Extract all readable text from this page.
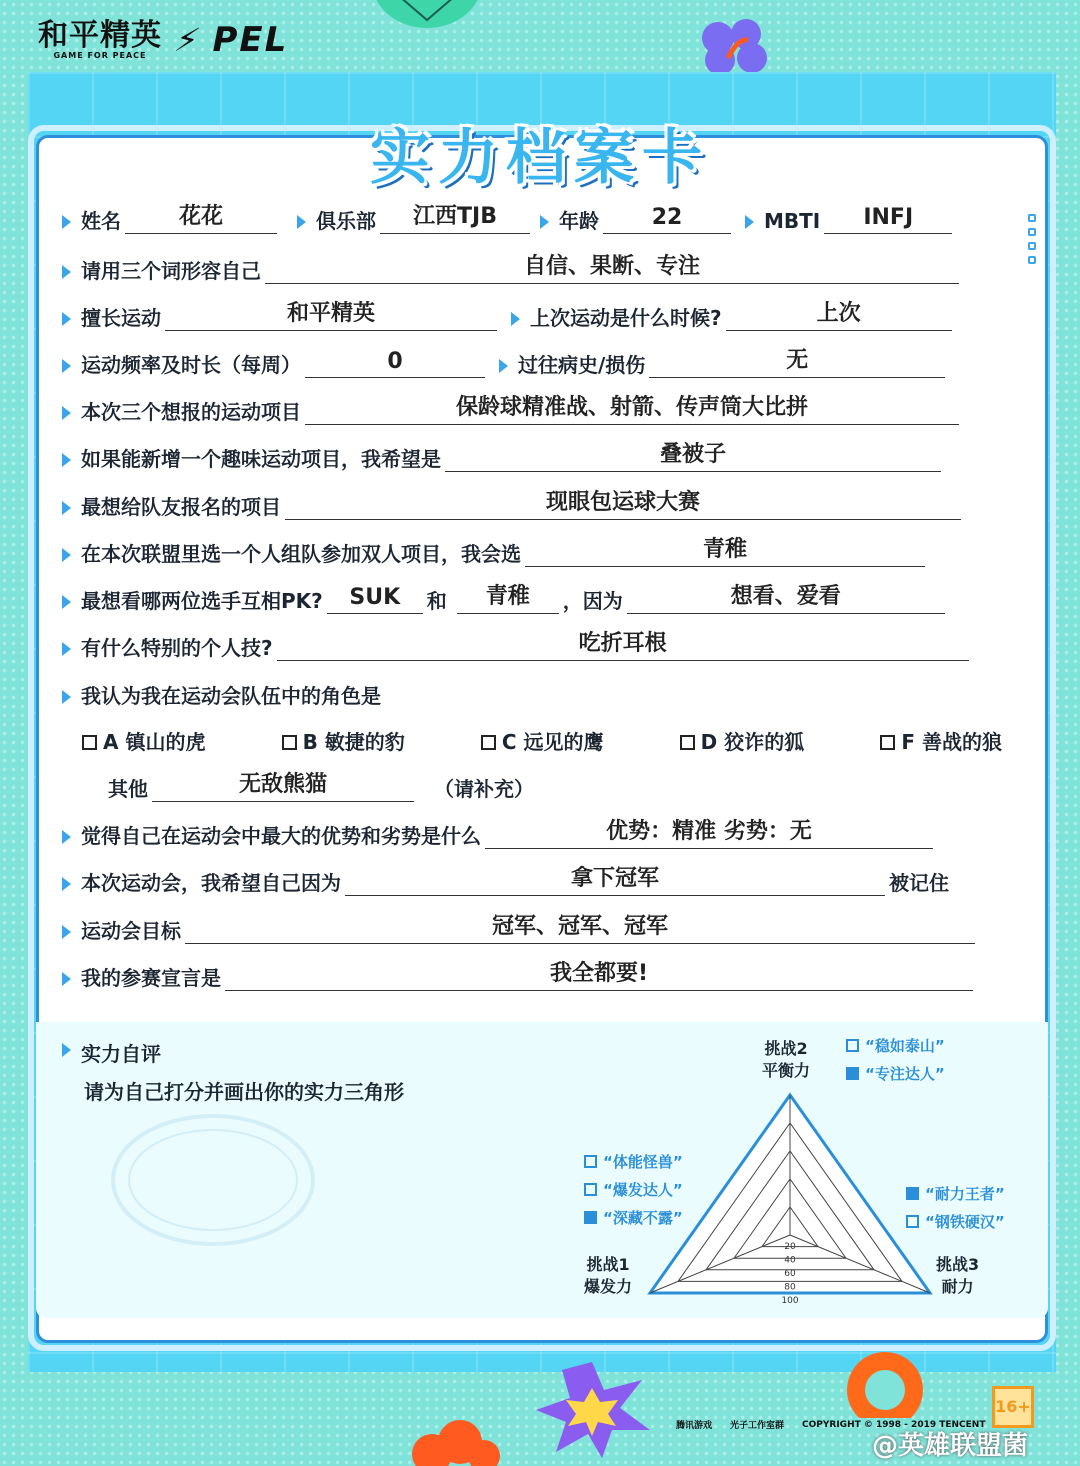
和平精英
GAME FOR PEACE ⚡ PEL
实力档案卡
姓名	花花	俱乐部	江西TJB	年龄	22	MBTI	INFJ
请用三个词形容自己	自信、果断、专注
擅长运动	和平精英	上次运动是什么时候?	上次
运动频率及时长（每周）	0	过往病史/损伤	无
本次三个想报的运动项目	保龄球精准战、射箭、传声筒大比拼
如果能新增一个趣味运动项目，我希望是	叠被子
最想给队友报名的项目	现眼包运球大赛
在本次联盟里选一个人组队参加双人项目，我会选	青稚
最想看哪两位选手互相PK?	SUK	和	青稚	，因为	想看、爱看
有什么特别的个人技?	吃折耳根
我认为我在运动会队伍中的角色是
A 镇山的虎	B 敏捷的豹	C 远见的鹰	D 狡诈的狐	F 善战的狼
其他	无敌熊猫	（请补充）
觉得自己在运动会中最大的优势和劣势是什么	优势：精准 劣势：无
本次运动会，我希望自己因为	拿下冠军	被记住
运动会目标	冠军、冠军、冠军
我的参赛宣言是	我全都要!
实力自评
请为自己打分并画出你的实力三角形
20
40
60
80
100
挑战2
平衡力
挑战1
爆发力
挑战3
耐力
“稳如泰山”
“专注达人”
“体能怪兽”
“爆发达人”
“深藏不露”
“耐力王者”
“钢铁硬汉”
16+
腾讯游戏 光子工作室群 COPYRIGHT © 1998 - 2019 TENCENT
@英雄联盟菌
